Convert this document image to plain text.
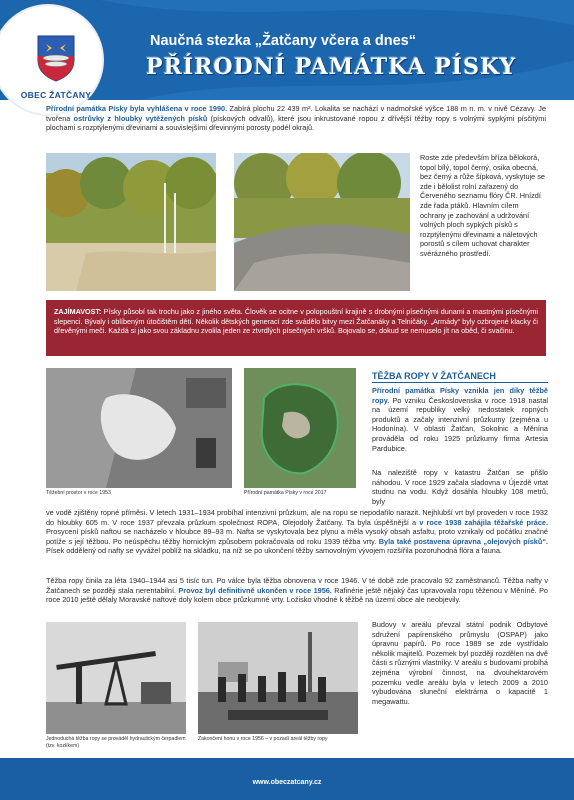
Naučná stezka „Žatčany včera a dnes“
PŘÍRODNÍ PAMÁTKA PÍSKY
OBEC ŽATČANY

Přírodní památka Písky byla vyhlášena v roce 1990. Zabírá plochu 22 439 m². Lokalita se nachází v nadmořské výšce 188 m n. m. v nivě Cézavy. Je tvořena ostrůvky z hloubky vytěžených písků (pískových odvalů), které jsou inkrustované ropou z dřívější těžby ropy s volnými sypkými písčitými plochami s rozptýlenými dřevinami a souvislejšími dřevinnými porosty podél okrajů.

Roste zde především bříza bělokorá, topol bílý, topol černý, osika obecná, bez černý a růže šípková, vyskytuje se zde i bělolist rolní zařazený do Červeného seznamu flóry ČR. Hnízdí zde řada ptáků. Hlavním cílem ochrany je zachování a udržování volných ploch sypkých písků s rozptýlenými dřevinami a náletových porostů s cílem uchovat charakter svérázného prostředí.

ZAJÍMAVOST: Písky působí tak trochu jako z jiného světa. Člověk se ocitne v polopouštní krajině s drobnými písečnými dunami a mastnými písečnými slepenci. Bývaly i oblíbeným útočištěm dětí. Několik dětských generací zde svádělo bitvy mezi Žatčanáky a Telničáky. „Armády“ byly ozbrojené klacky či dřevěnými meči. Každá si jako svou základnu zvolila jeden ze ztvrdlých písečných vršků. Bojovalo se, dokud se nemuselo jít na oběd, či svačinu.

Těžební prostor v roce 1953	Přírodní památka Písky v roce 2017
TĚŽBA ROPY V ŽATČANECH

Přírodní památka Písky vznikla jen díky těžbě ropy. Po vzniku Československa v roce 1918 nastal na území republiky velký nedostatek ropných produktů a začaly intenzivní průzkumy (zejména u Hodonína). V oblasti Žatčan, Sokolnic a Měnína prováděla od roku 1925 průzkumy firma Artesia Pardubice.

Na naleziště ropy v katastru Žatčan se přišlo náhodou. V roce 1929 začala sladovna v Újezdě vrtat studnu na vodu. Když dosáhla hloubky 108 metrů, byly

ve vodě zjištěny ropné příměsi. V letech 1931–1934 probíhal intenzivní průzkum, ale na ropu se nepodařilo narazit. Nejhlubší vrt byl proveden v roce 1932 do hloubky 605 m. V roce 1937 převzala průzkum společnost ROPA, Olejodoly Žatčany. Ta byla úspěšnější a v roce 1938 zahájila těžařské práce. Prosycení písků naftou se nacházelo v hloubce 89–93 m. Nafta se vyskytovala bez plynu a měla vysoký obsah asfaltu, proto vznikaly od počátku značné potíže s její těžbou. Po neúspěchu těžby hornickým způsobem pokračovala od roku 1939 těžba vrty. Byla také postavena úpravna „olejových písků“. Písek oddělený od nafty se vyvážel poblíž na skládku, na níž se po ukončení těžby samovolným vývojem rozšířila pozoruhodná flóra a fauna.

Těžba ropy činila za léta 1940–1944 asi 5 tisíc tun. Po válce byla těžba obnovena v roce 1946. V té době zde pracovalo 92 zaměstnanců. Těžba nafty v Žatčanech se později stala nerentabilní. Provoz byl definitivně ukončen v roce 1956. Rafinérie ještě nějaký čas upravovala ropu těženou v Měníně. Po roce 2010 ještě dělaly Moravské naftové doly kolem obce průzkumné vrty. Ložisko vhodné k těžbě na území obce ale neobjevily.

Jednoduchá těžba ropy se prováděl hydraulickým čerpadlem (tzv. kozlíkem)
Zakončení honu v roce 1956 – v pozadí areál těžby ropy

Budovy v areálu převzal státní podnik Odbytové sdružení papírenského průmyslu (OSPAP) jako úpravnu papírů. Po roce 1989 se zde vystřídalo několik majitelů. Pozemek byl později rozdělen na dvě části s různými vlastníky. V areálu s budovami probíhá zejména výrobní činnost, na dvouhektarovém pozemku vedle areálu byla v letech 2009 a 2010 vybudována sluneční elektrárna o kapacitě 1 megawattu.

www.obeczatcany.cz
